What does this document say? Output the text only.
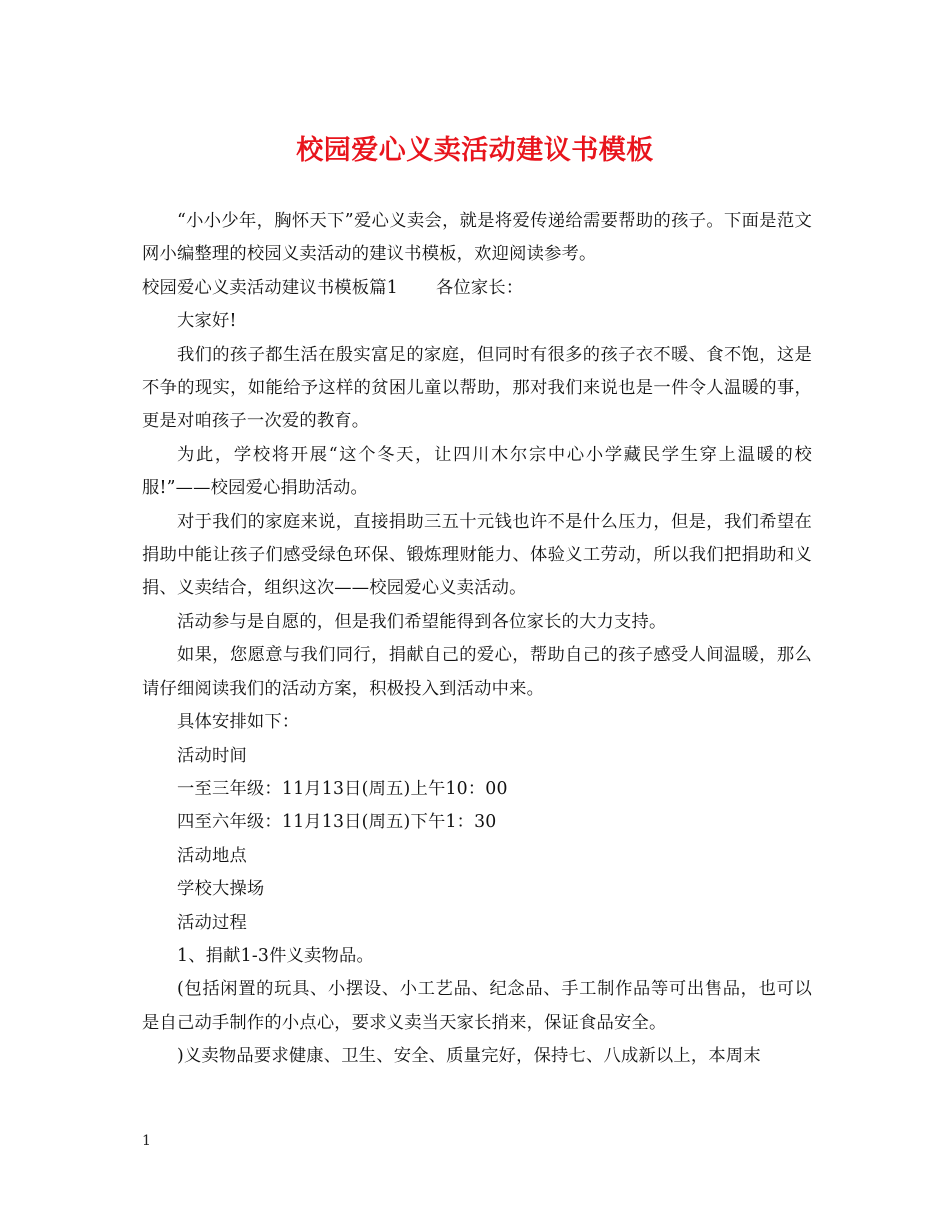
校园爱心义卖活动建议书模板

“小小少年，胸怀天下”爱心义卖会，就是将爱传递给需要帮助的孩子。下面是范文网小编整理的校园义卖活动的建议书模板，欢迎阅读参考。

校园爱心义卖活动建议书模板篇1 各位家长：

大家好!

我们的孩子都生活在殷实富足的家庭，但同时有很多的孩子衣不暖、食不饱，这是不争的现实，如能给予这样的贫困儿童以帮助，那对我们来说也是一件令人温暖的事，更是对咱孩子一次爱的教育。

为此，学校将开展“这个冬天，让四川木尔宗中心小学藏民学生穿上温暖的校服!”——校园爱心捐助活动。

对于我们的家庭来说，直接捐助三五十元钱也许不是什么压力，但是，我们希望在捐助中能让孩子们感受绿色环保、锻炼理财能力、体验义工劳动，所以我们把捐助和义捐、义卖结合，组织这次——校园爱心义卖活动。

活动参与是自愿的，但是我们希望能得到各位家长的大力支持。

如果，您愿意与我们同行，捐献自己的爱心，帮助自己的孩子感受人间温暖，那么请仔细阅读我们的活动方案，积极投入到活动中来。

具体安排如下：

活动时间

一至三年级：11月13日(周五)上午10：00

四至六年级：11月13日(周五)下午1：30

活动地点

学校大操场

活动过程

1、捐献1-3件义卖物品。

(包括闲置的玩具、小摆设、小工艺品、纪念品、手工制作品等可出售品，也可以是自己动手制作的小点心，要求义卖当天家长捎来，保证食品安全。

)义卖物品要求健康、卫生、安全、质量完好，保持七、八成新以上，本周末

1
